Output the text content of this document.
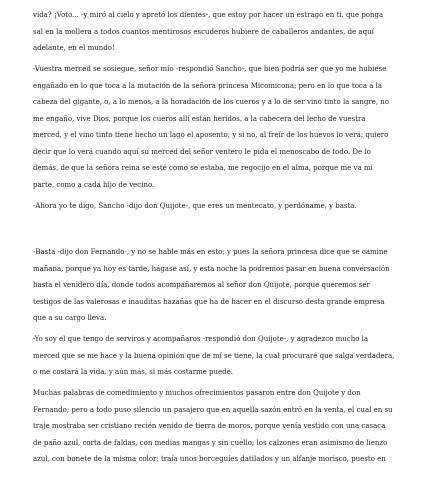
vida? ¡Voto... -y miró al cielo y apretó los dientes-, que estoy por hacer un estrago en ti, que ponga
sal en la mollera a todos cuantos mentirosos escuderos hubiere de caballeros andantes, de aquí
adelante, en el mundo!

-Vuestra merced se sosiegue, señor mío -respondió Sancho-, que bien podría ser que yo me hubiese
engañado en lo que toca a la mutación de la señora princesa Micomicona; pero en lo que toca a la
cabeza del gigante, o, a lo menos, a la horadación de los cueros y a lo de ser vino tinto la sangre, no
me engaño, vive Dios, porque los cueros allí están heridos, a la cabecera del lecho de vuestra
merced, y el vino tinto tiene hecho un lago el aposento; y si no, al freír de los huevos lo verá; quiero
decir que lo verá cuando aquí su merced del señor ventero le pida el menoscabo de todo. De lo
demás, de que la señora reina se esté como se estaba, me regocijo en el alma, porque me va mi
parte, como a cada hijo de vecino.

-Ahora yo te digo, Sancho -dijo don Quijote-, que eres un mentecato, y perdóname, y basta.

-Basta -dijo don Fernando-, y no se hable más en esto; y pues la señora princesa dice que se camine
mañana, porque ya hoy es tarde, hágase así, y esta noche la podremos pasar en buena conversación
hasta el venidero día, donde todos acompañaremos al señor don Quijote, porque queremos ser
testigos de las valerosas e inauditas hazañas que ha de hacer en el discurso desta grande empresa
que a su cargo lleva.

-Yo soy el que tengo de serviros y acompañaros -respondió don Quijote-, y agradezco mucho la
merced que se me hace y la buena opinión que de mí se tiene, la cual procuraré que salga verdadera,
o me costará la vida, y aún más, si más costarme puede.

Muchas palabras de comedimiento y muchos ofrecimientos pasaron entre don Quijote y don
Fernando; pero a todo puso silencio un pasajero que en aquella sazón entró en la venta, el cual en su
traje mostraba ser cristiano recién venido de tierra de moros, porque venía vestido con una casaca
de paño azul, corta de faldas, con medias mangas y sin cuello; los calzones eran asimismo de lienzo
azul, con bonete de la misma color; traía unos borceguíes datilados y un alfanje morisco, puesto en
